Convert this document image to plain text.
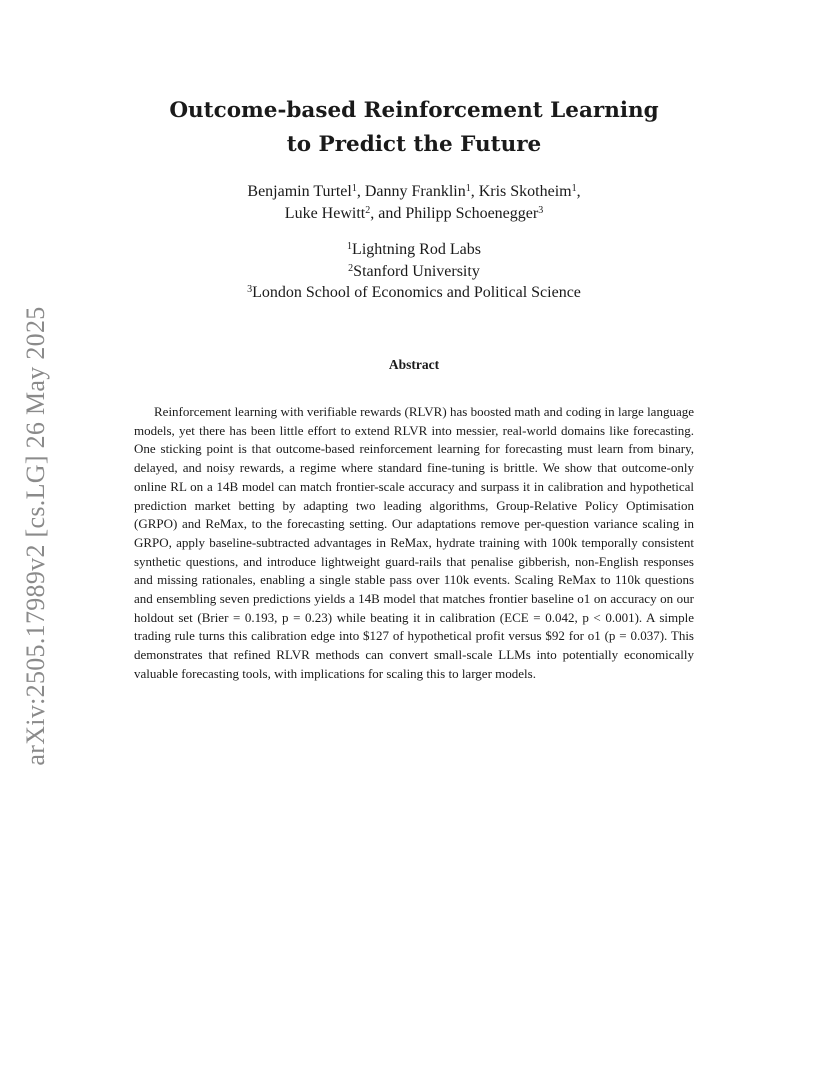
arXiv:2505.17989v2 [cs.LG] 26 May 2025
Outcome-based Reinforcement Learning
to Predict the Future
Benjamin Turtel$^1$, Danny Franklin$^1$, Kris Skotheim$^1$,
Luke Hewitt$^2$, and Philipp Schoenegger$^3$
$^1$Lightning Rod Labs
$^2$Stanford University
$^3$London School of Economics and Political Science
Abstract

Reinforcement learning with verifiable rewards (RLVR) has boosted math and coding in large language models, yet there has been little effort to extend RLVR into messier, real-world domains like forecasting. One sticking point is that outcome-based reinforcement learning for forecasting must learn from binary, delayed, and noisy rewards, a regime where standard fine-tuning is brittle. We show that outcome-only online RL on a 14B model can match frontier-scale accuracy and surpass it in calibration and hypothetical prediction market betting by adapting two leading algorithms, Group-Relative Policy Optimisation (GRPO) and ReMax, to the forecasting setting. Our adaptations remove per-question variance scaling in GRPO, apply baseline-subtracted advantages in ReMax, hydrate training with 100k temporally consistent synthetic questions, and introduce lightweight guard-rails that penalise gibberish, non-English responses and missing rationales, enabling a single stable pass over 110k events. Scaling ReMax to 110k questions and ensembling seven predictions yields a 14B model that matches frontier baseline o1 on accuracy on our holdout set (Brier = 0.193, p = 0.23) while beating it in calibration (ECE = 0.042, p < 0.001). A simple trading rule turns this calibration edge into $127 of hypothetical profit versus $92 for o1 (p = 0.037). This demonstrates that refined RLVR methods can convert small-scale LLMs into potentially economically valuable forecasting tools, with implications for scaling this to larger models.
